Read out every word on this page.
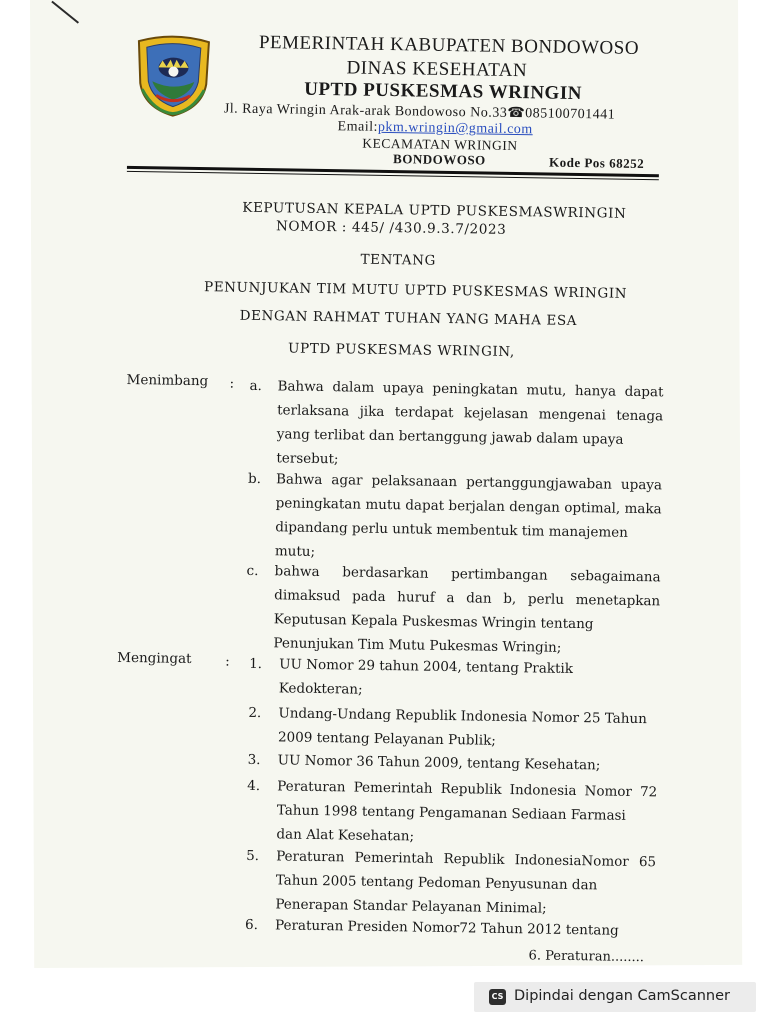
PEMERINTAH KABUPATEN BONDOWOSO
DINAS KESEHATAN
UPTD PUSKESMAS WRINGIN
Jl. Raya Wringin Arak-arak Bondowoso No.33☎085100701441
Email:pkm.wringin@gmail.com
KECAMATAN WRINGIN
BONDOWOSO	Kode Pos 68252
KEPUTUSAN KEPALA UPTD PUSKESMASWRINGIN
NOMOR : 445/ /430.9.3.7/2023
TENTANG
PENUNJUKAN TIM MUTU UPTD PUSKESMAS WRINGIN
DENGAN RAHMAT TUHAN YANG MAHA ESA
UPTD PUSKESMAS WRINGIN,
Menimbang : a. Bahwa dalam upaya peningkatan mutu, hanya dapat terlaksana jika terdapat kejelasan mengenai tenaga yang terlibat dan bertanggung jawab dalam upaya
tersebut;
b. Bahwa agar pelaksanaan pertanggungjawaban upaya peningkatan mutu dapat berjalan dengan optimal, maka dipandang perlu untuk membentuk tim manajemen
mutu;
c. bahwa berdasarkan pertimbangan sebagaimana dimaksud pada huruf a dan b, perlu menetapkan Keputusan Kepala Puskesmas Wringin tentang
Penunjukan Tim Mutu Pukesmas Wringin;
Mengingat : 1. UU Nomor 29 tahun 2004, tentang Praktik
Kedokteran;
2. Undang-Undang Republik Indonesia Nomor 25 Tahun
2009 tentang Pelayanan Publik;
3. UU Nomor 36 Tahun 2009, tentang Kesehatan;
4. Peraturan Pemerintah Republik Indonesia Nomor 72 Tahun 1998 tentang Pengamanan Sediaan Farmasi
dan Alat Kesehatan;
5. Peraturan Pemerintah Republik IndonesiaNomor 65 Tahun 2005 tentang Pedoman Penyusunan dan
Penerapan Standar Pelayanan Minimal;
6. Peraturan Presiden Nomor72 Tahun 2012 tentang
6. Peraturan........
CS Dipindai dengan CamScanner
